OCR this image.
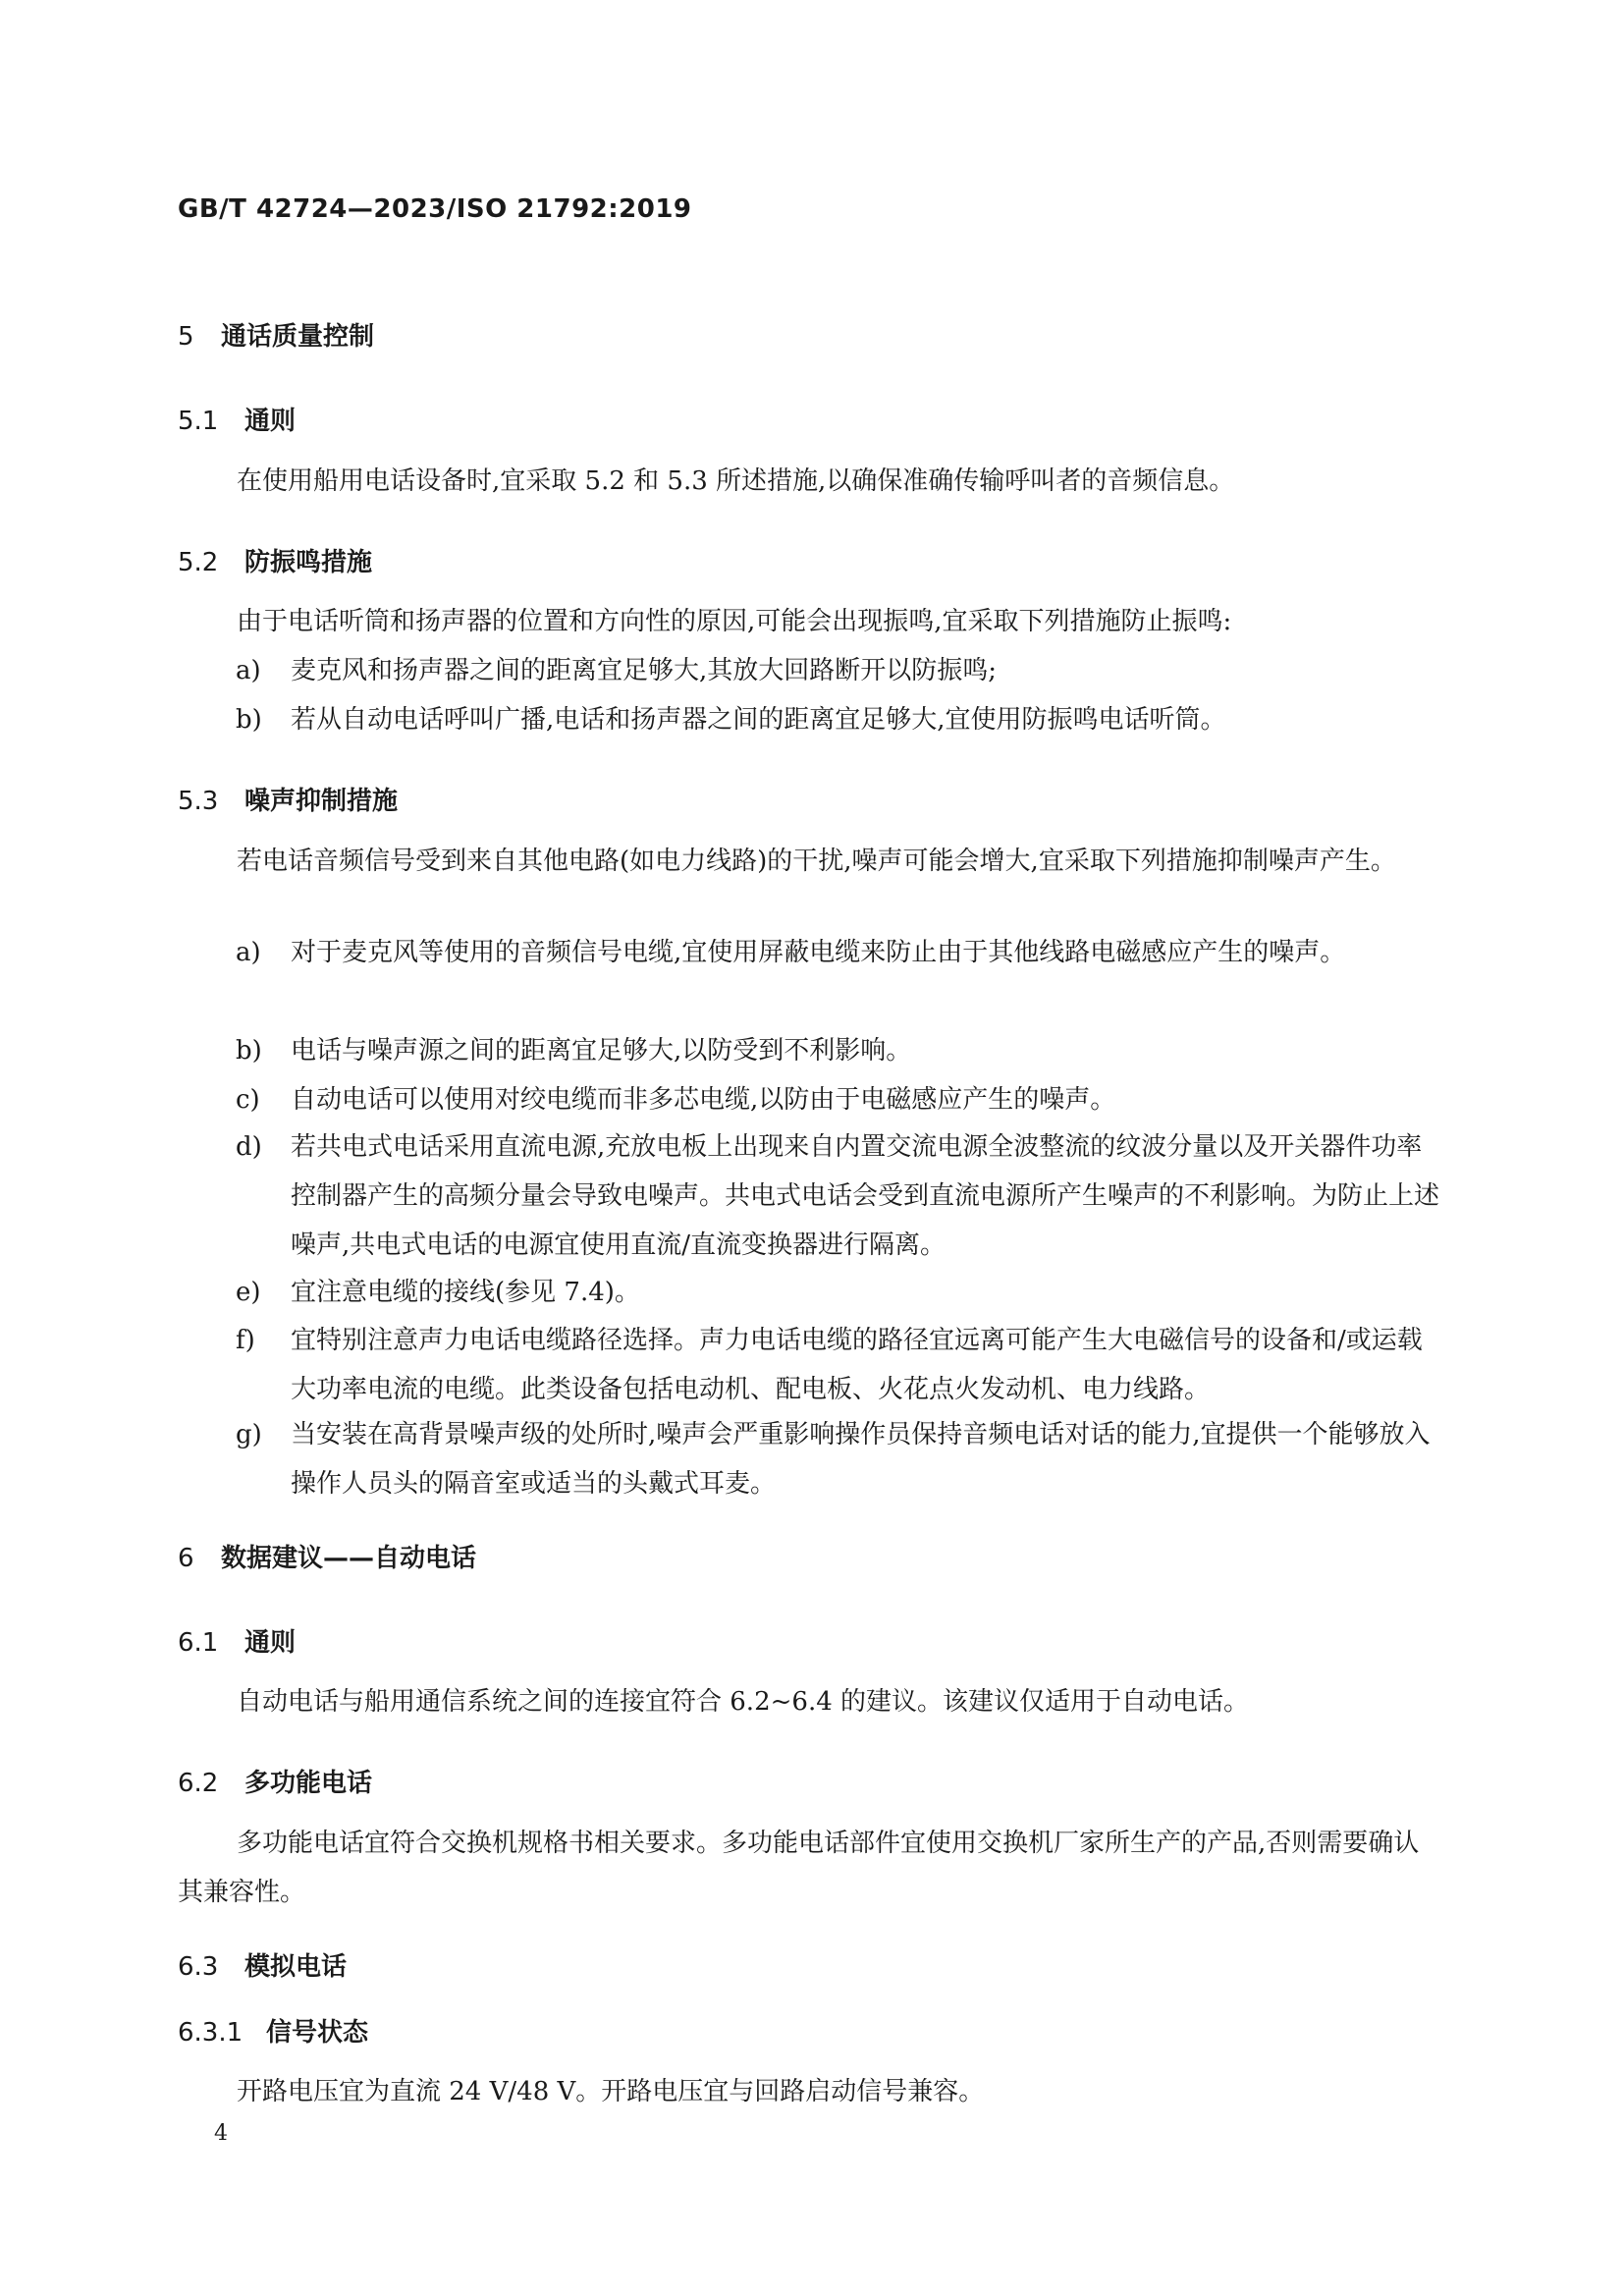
GB/T 42724—2023/ISO 21792:2019
5 通话质量控制
5.1 通则
在使用船用电话设备时,宜采取 5.2 和 5.3 所述措施,以确保准确传输呼叫者的音频信息。
5.2 防振鸣措施
由于电话听筒和扬声器的位置和方向性的原因,可能会出现振鸣,宜采取下列措施防止振鸣:
a)	麦克风和扬声器之间的距离宜足够大,其放大回路断开以防振鸣;
b)	若从自动电话呼叫广播,电话和扬声器之间的距离宜足够大,宜使用防振鸣电话听筒。
5.3 噪声抑制措施
若电话音频信号受到来自其他电路(如电力线路)的干扰,噪声可能会增大,宜采取下列措施抑制噪声产生。
a)	对于麦克风等使用的音频信号电缆,宜使用屏蔽电缆来防止由于其他线路电磁感应产生的噪声。
b)	电话与噪声源之间的距离宜足够大,以防受到不利影响。
c)	自动电话可以使用对绞电缆而非多芯电缆,以防由于电磁感应产生的噪声。
d)	若共电式电话采用直流电源,充放电板上出现来自内置交流电源全波整流的纹波分量以及开关器件功率控制器产生的高频分量会导致电噪声。共电式电话会受到直流电源所产生噪声的不利影响。为防止上述噪声,共电式电话的电源宜使用直流/直流变换器进行隔离。
e)	宜注意电缆的接线(参见 7.4)。
f)	宜特别注意声力电话电缆路径选择。声力电话电缆的路径宜远离可能产生大电磁信号的设备和/或运载大功率电流的电缆。此类设备包括电动机、配电板、火花点火发动机、电力线路。
g)	当安装在高背景噪声级的处所时,噪声会严重影响操作员保持音频电话对话的能力,宜提供一个能够放入操作人员头的隔音室或适当的头戴式耳麦。
6 数据建议——自动电话
6.1 通则
自动电话与船用通信系统之间的连接宜符合 6.2~6.4 的建议。该建议仅适用于自动电话。
6.2 多功能电话
多功能电话宜符合交换机规格书相关要求。多功能电话部件宜使用交换机厂家所生产的产品,否则需要确认其兼容性。
6.3 模拟电话
6.3.1 信号状态
开路电压宜为直流 24 V/48 V。开路电压宜与回路启动信号兼容。
4
